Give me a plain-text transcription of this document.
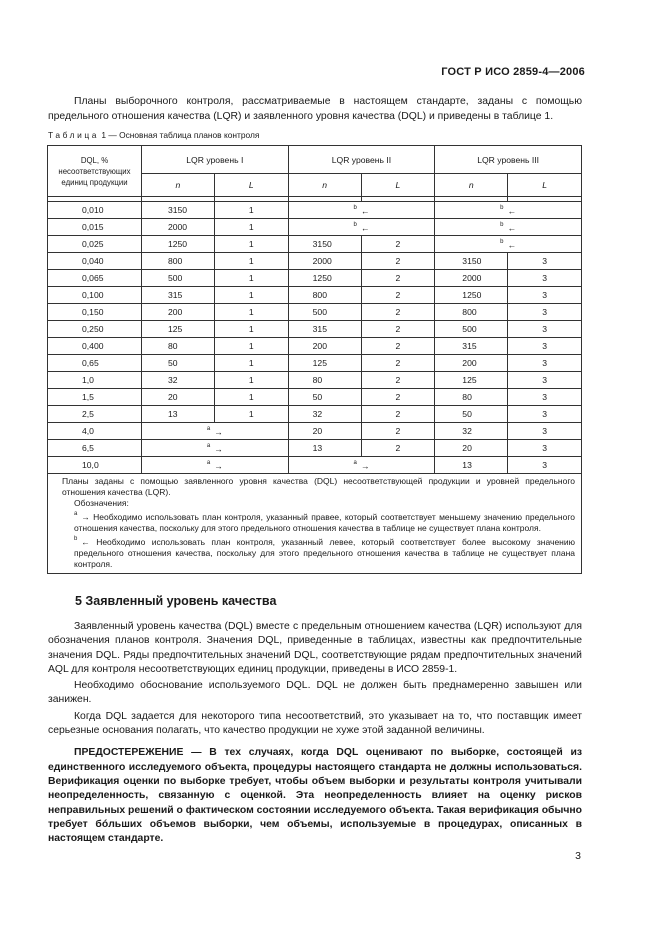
ГОСТ Р ИСО 2859-4—2006
Планы выборочного контроля, рассматриваемые в настоящем стандарте, заданы с помощью предельного отношения качества (LQR) и заявленного уровня качества (DQL) и приведены в таблице 1.
Таблица 1 — Основная таблица планов контроля
DQL, % несоответствующих единиц продукции	LQR уровень I		LQR уровень II		LQR уровень III	
	n	L	n	L	n	L

0,010	3150	1	$^b$ ←		$^b$ ←	
0,015	2000	1	$^b$ ←		$^b$ ←	
0,025	1250	1	3150	2	$^b$ ←	
0,040	800	1	2000	2	3150	3
0,065	500	1	1250	2	2000	3
0,100	315	1	800	2	1250	3
0,150	200	1	500	2	800	3
0,250	125	1	315	2	500	3
0,400	80	1	200	2	315	3
0,65	50	1	125	2	200	3
1,0	32	1	80	2	125	3
1,5	20	1	50	2	80	3
2,5	13	1	32	2	50	3
4,0	$^a$ →		20	2	32	3
6,5	$^a$ →		13	2	20	3
10,0	$^a$ →		$^a$ →		13	3

Планы заданы с помощью заявленного уровня качества (DQL) несоответствующей продукции и уровней предельного отношения качества (LQR).

Обозначения:

$^a$ → Необходимо использовать план контроля, указанный правее, который соответствует меньшему значению предельного отношения качества, поскольку для этого предельного отношения качества в таблице не существует плана контроля.

$^b$ ← Необходимо использовать план контроля, указанный левее, который соответствует более высокому значению предельного отношения качества, поскольку для этого предельного отношения качества в таблице не существует плана контроля.						

5 Заявленный уровень качества

Заявленный уровень качества (DQL) вместе с предельным отношением качества (LQR) используют для обозначения планов контроля. Значения DQL, приведенные в таблицах, известны как предпочтительные значения DQL. Ряды предпочтительных значений DQL, соответствующие рядам предпочтительных значений AQL для контроля несоответствующих единиц продукции, приведены в ИСО 2859-1.

Необходимо обоснование используемого DQL. DQL не должен быть преднамеренно завышен или занижен.

Когда DQL задается для некоторого типа несоответствий, это указывает на то, что поставщик имеет серьезные основания полагать, что качество продукции не хуже этой заданной величины.

ПРЕДОСТЕРЕЖЕНИЕ — В тех случаях, когда DQL оценивают по выборке, состоящей из единственного исследуемого объекта, процедуры настоящего стандарта не должны использоваться. Верификация оценки по выборке требует, чтобы объем выборки и результаты контроля учитывали неопределенность, связанную с оценкой. Эта неопределенность влияет на оценку рисков неправильных решений о фактическом состоянии исследуемого объекта. Такая верификация обычно требует бóльших объемов выборки, чем объемы, используемые в процедурах, описанных в настоящем стандарте.

3
